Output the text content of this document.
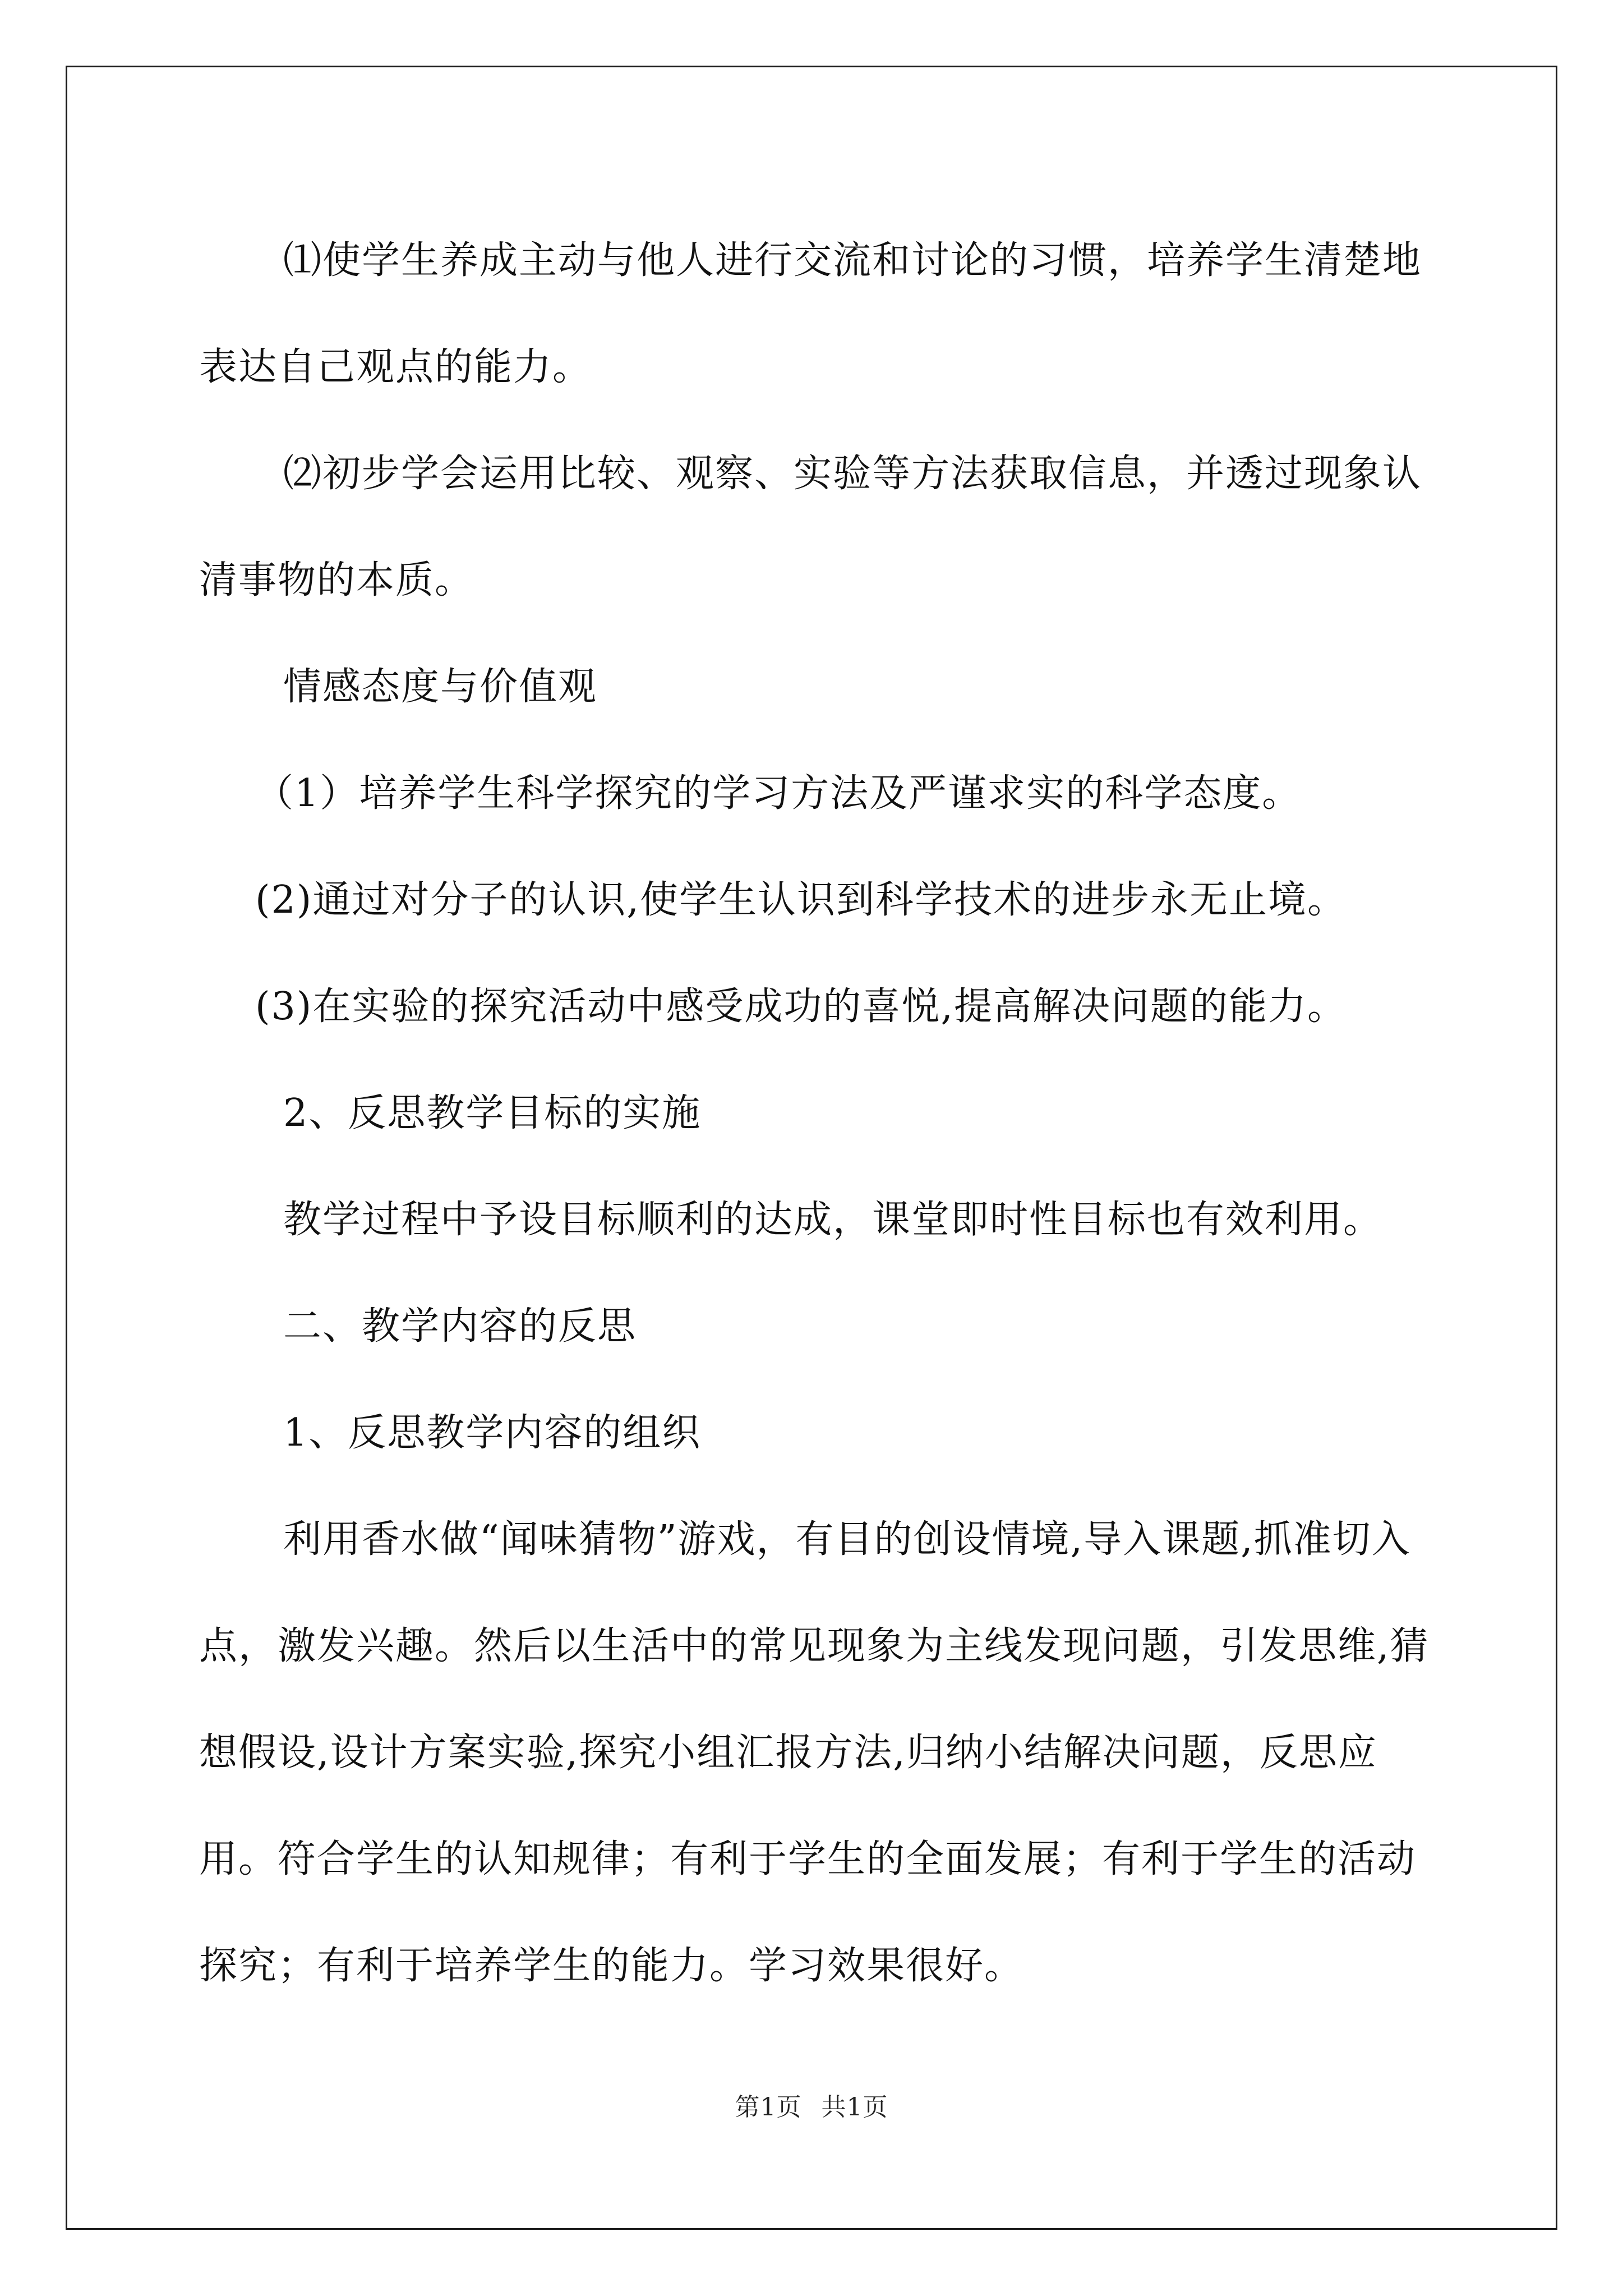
⑴使学生养成主动与他人进行交流和讨论的习惯，培养学生清楚地表达自己观点的能力。

⑵初步学会运用比较、观察、实验等方法获取信息，并透过现象认清事物的本质。

情感态度与价值观

（1）培养学生科学探究的学习方法及严谨求实的科学态度。

(2)通过对分子的认识,使学生认识到科学技术的进步永无止境。

(3)在实验的探究活动中感受成功的喜悦,提高解决问题的能力。

2、反思教学目标的实施

教学过程中予设目标顺利的达成，课堂即时性目标也有效利用。

二、教学内容的反思

1、反思教学内容的组织

利用香水做“闻味猜物”游戏，有目的创设情境,导入课题,抓准切入点，激发兴趣。然后以生活中的常见现象为主线发现问题，引发思维,猜想假设,设计方案实验,探究小组汇报方法,归纳小结解决问题，反思应用。符合学生的认知规律；有利于学生的全面发展；有利于学生的活动探究；有利于培养学生的能力。学习效果很好。

第1页 共1页
